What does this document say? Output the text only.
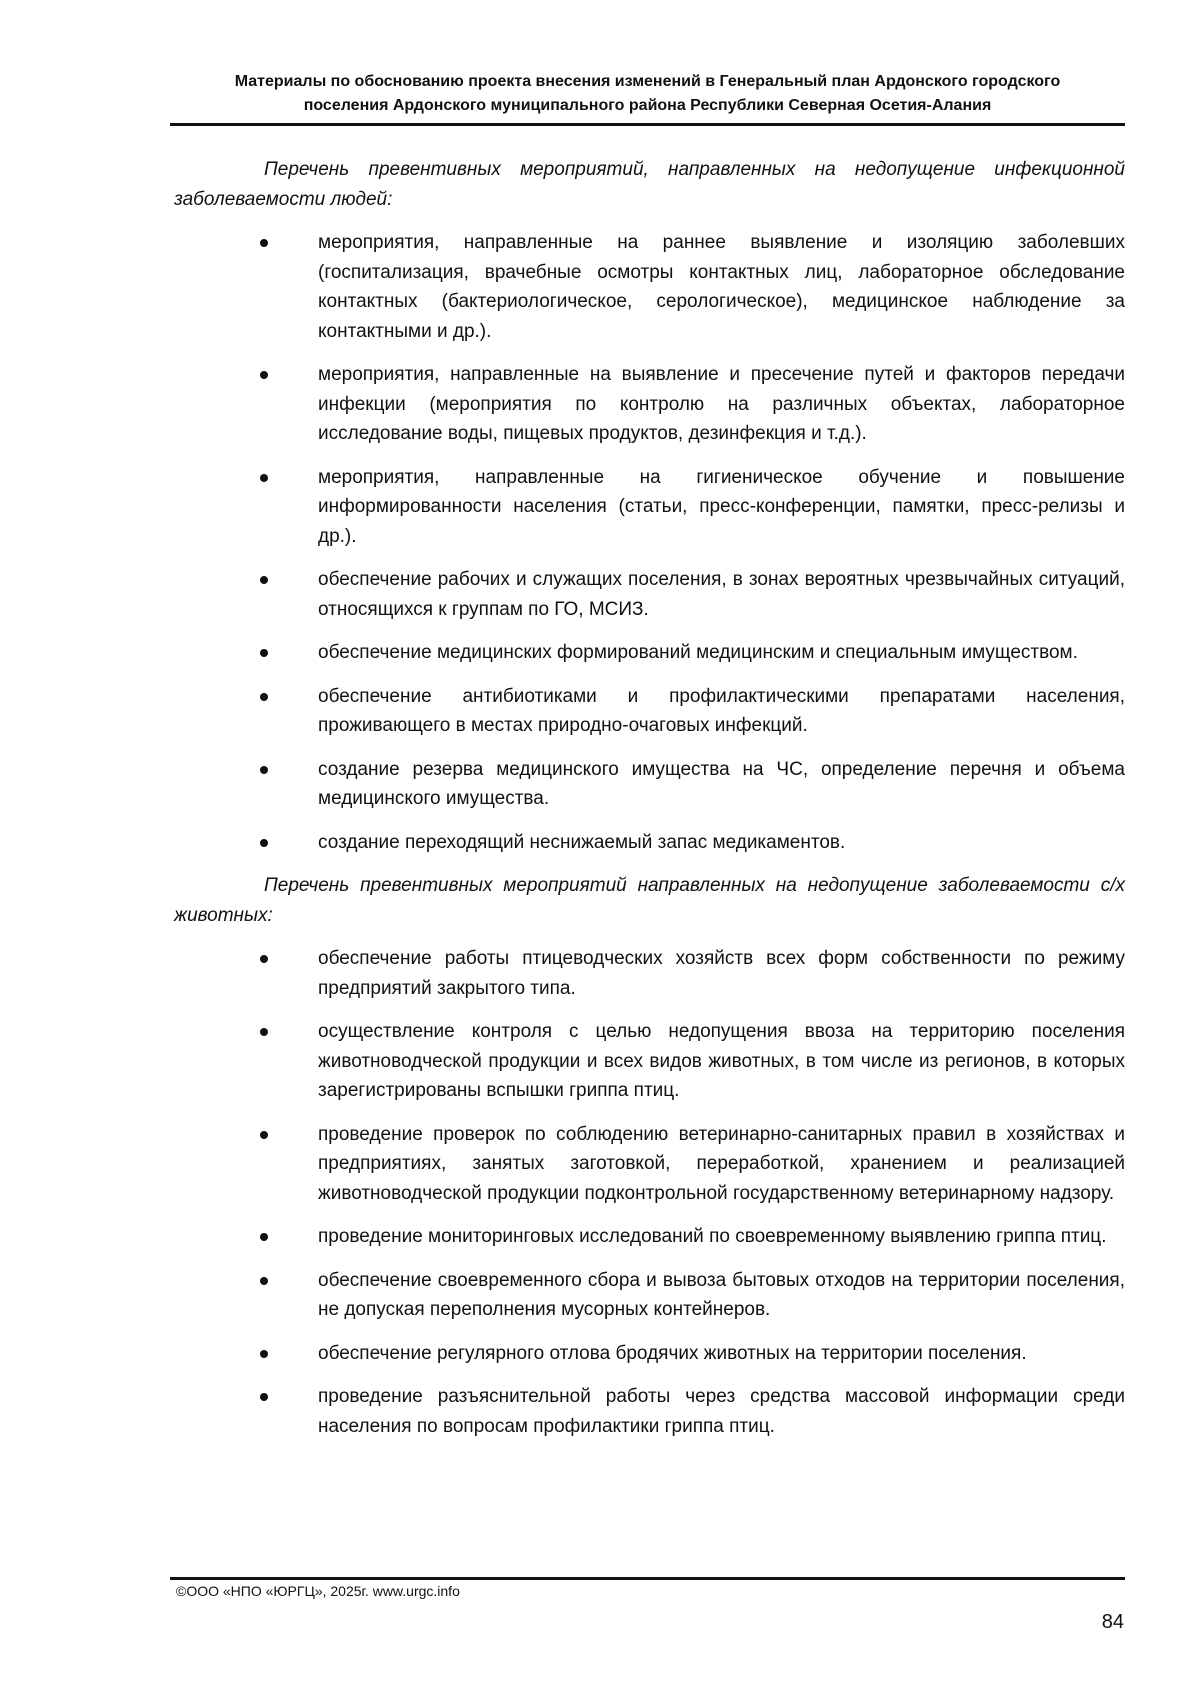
Материалы по обоснованию проекта внесения изменений в Генеральный план Ардонского городского
поселения Ардонского муниципального района Республики Северная Осетия-Алания

Перечень превентивных мероприятий, направленных на недопущение инфекционной заболеваемости людей:

мероприятия, направленные на раннее выявление и изоляцию заболевших (госпитализация, врачебные осмотры контактных лиц, лабораторное обследование контактных (бактериологическое, серологическое), медицинское наблюдение за контактными и др.).
мероприятия, направленные на выявление и пресечение путей и факторов передачи инфекции (мероприятия по контролю на различных объектах, лабораторное исследование воды, пищевых продуктов, дезинфекция и т.д.).
мероприятия, направленные на гигиеническое обучение и повышение информированности населения (статьи, пресс-конференции, памятки, пресс-релизы и др.).
обеспечение рабочих и служащих поселения, в зонах вероятных чрезвычайных ситуаций, относящихся к группам по ГО, МСИЗ.
обеспечение медицинских формирований медицинским и специальным имуществом.
обеспечение антибиотиками и профилактическими препаратами населения, проживающего в местах природно-очаговых инфекций.
создание резерва медицинского имущества на ЧС, определение перечня и объема медицинского имущества.
создание переходящий неснижаемый запас медикаментов.

Перечень превентивных мероприятий направленных на недопущение заболеваемости с/х животных:

обеспечение работы птицеводческих хозяйств всех форм собственности по режиму предприятий закрытого типа.
осуществление контроля с целью недопущения ввоза на территорию поселения животноводческой продукции и всех видов животных, в том числе из регионов, в которых зарегистрированы вспышки гриппа птиц.
проведение проверок по соблюдению ветеринарно-санитарных правил в хозяйствах и предприятиях, занятых заготовкой, переработкой, хранением и реализацией животноводческой продукции подконтрольной государственному ветеринарному надзору.
проведение мониторинговых исследований по своевременному выявлению гриппа птиц.
обеспечение своевременного сбора и вывоза бытовых отходов на территории поселения, не допуская переполнения мусорных контейнеров.
обеспечение регулярного отлова бродячих животных на территории поселения.
проведение разъяснительной работы через средства массовой информации среди населения по вопросам профилактики гриппа птиц.
©ООО «НПО «ЮРГЦ», 2025г. www.urgc.info
84
